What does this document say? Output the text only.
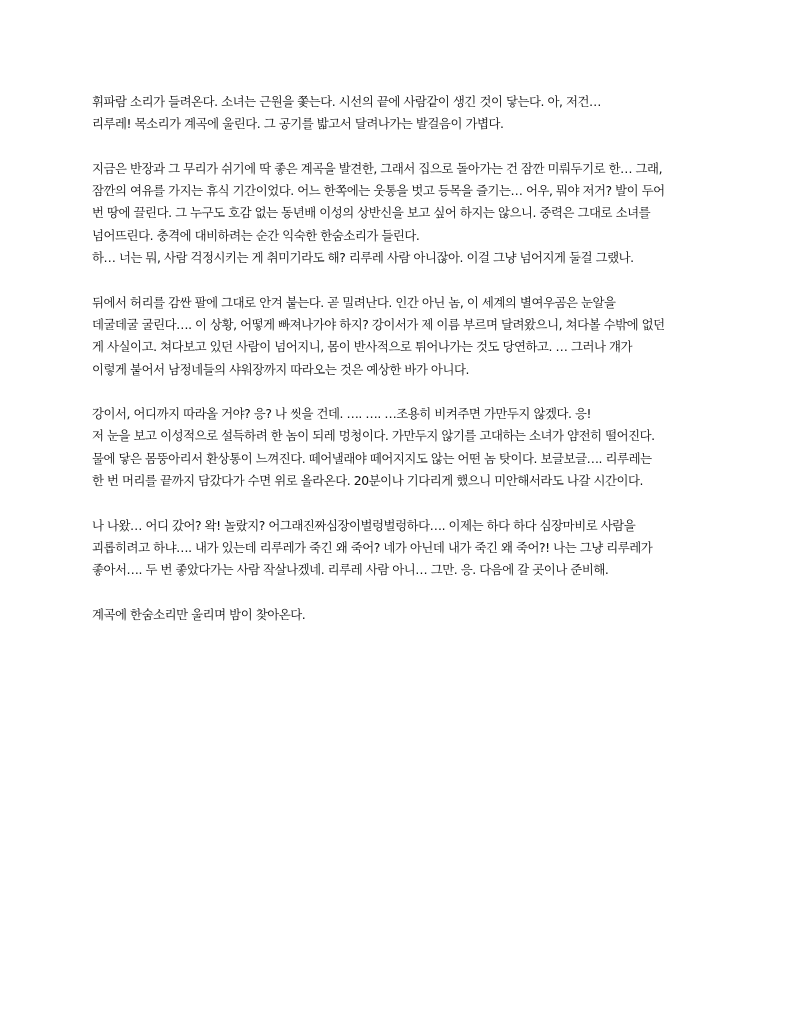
휘파람 소리가 들려온다. 소녀는 근원을 쫓는다. 시선의 끝에 사람같이 생긴 것이 닿는다. 아, 저건…
리루레! 목소리가 계곡에 울린다. 그 공기를 밟고서 달려나가는 발걸음이 가볍다.
지금은 반장과 그 무리가 쉬기에 딱 좋은 계곡을 발견한, 그래서 집으로 돌아가는 건 잠깐 미뤄두기로 한… 그래,
잠깐의 여유를 가지는 휴식 기간이었다. 어느 한쪽에는 웃통을 벗고 등목을 즐기는… 어우, 뭐야 저거? 발이 두어
번 땅에 끌린다. 그 누구도 호감 없는 동년배 이성의 상반신을 보고 싶어 하지는 않으니. 중력은 그대로 소녀를
넘어뜨린다. 충격에 대비하려는 순간 익숙한 한숨소리가 들린다.
하… 너는 뭐, 사람 걱정시키는 게 취미기라도 해? 리루레 사람 아니잖아. 이걸 그냥 넘어지게 둘걸 그랬나.
뒤에서 허리를 감싼 팔에 그대로 안겨 붙는다. 곧 밀려난다. 인간 아닌 놈, 이 세계의 별여우곰은 눈알을
데굴데굴 굴린다…. 이 상황, 어떻게 빠져나가야 하지? 강이서가 제 이름 부르며 달려왔으니, 쳐다볼 수밖에 없던
게 사실이고. 쳐다보고 있던 사람이 넘어지니, 몸이 반사적으로 튀어나가는 것도 당연하고. … 그러나 걔가
이렇게 붙어서 남정네들의 샤워장까지 따라오는 것은 예상한 바가 아니다.
강이서, 어디까지 따라올 거야? 응? 나 씻을 건데. …. …. …조용히 비켜주면 가만두지 않겠다. 응!
저 눈을 보고 이성적으로 설득하려 한 놈이 되레 멍청이다. 가만두지 않기를 고대하는 소녀가 얌전히 떨어진다.
물에 닿은 몸뚱아리서 환상통이 느껴진다. 떼어낼래야 떼어지지도 않는 어떤 놈 탓이다. 보글보글…. 리루레는
한 번 머리를 끝까지 담갔다가 수면 위로 올라온다. 20분이나 기다리게 했으니 미안해서라도 나갈 시간이다.
나 나왔… 어디 갔어? 왁! 놀랐지? 어그래진짜심장이벌렁벌렁하다…. 이제는 하다 하다 심장마비로 사람을
괴롭히려고 하냐…. 내가 있는데 리루레가 죽긴 왜 죽어? 네가 아닌데 내가 죽긴 왜 죽어?! 나는 그냥 리루레가
좋아서…. 두 번 좋았다가는 사람 작살나겠네. 리루레 사람 아니… 그만. 응. 다음에 갈 곳이나 준비해.
계곡에 한숨소리만 울리며 밤이 찾아온다.
